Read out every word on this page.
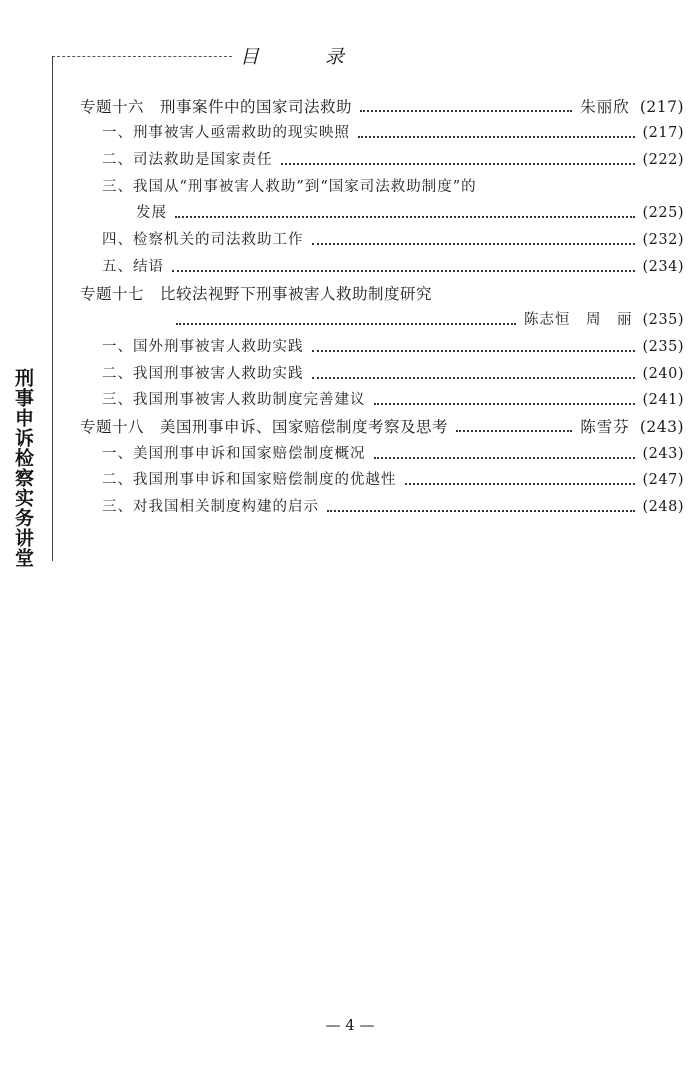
目 录
刑事申诉检察实务讲堂
专题十六　刑事案件中的国家司法救助	朱丽欣 (217)
一、刑事被害人亟需救助的现实映照	(217)
二、司法救助是国家责任	(222)
三、我国从“刑事被害人救助”到“国家司法救助制度”的
发展	(225)
四、检察机关的司法救助工作	(232)
五、结语	(234)
专题十七　比较法视野下刑事被害人救助制度研究
陈志恒　周　丽 (235)
一、国外刑事被害人救助实践	(235)
二、我国刑事被害人救助实践	(240)
三、我国刑事被害人救助制度完善建议	(241)
专题十八　美国刑事申诉、国家赔偿制度考察及思考	陈雪芬 (243)
一、美国刑事申诉和国家赔偿制度概况	(243)
二、我国刑事申诉和国家赔偿制度的优越性	(247)
三、对我国相关制度构建的启示	(248)
— 4 —
